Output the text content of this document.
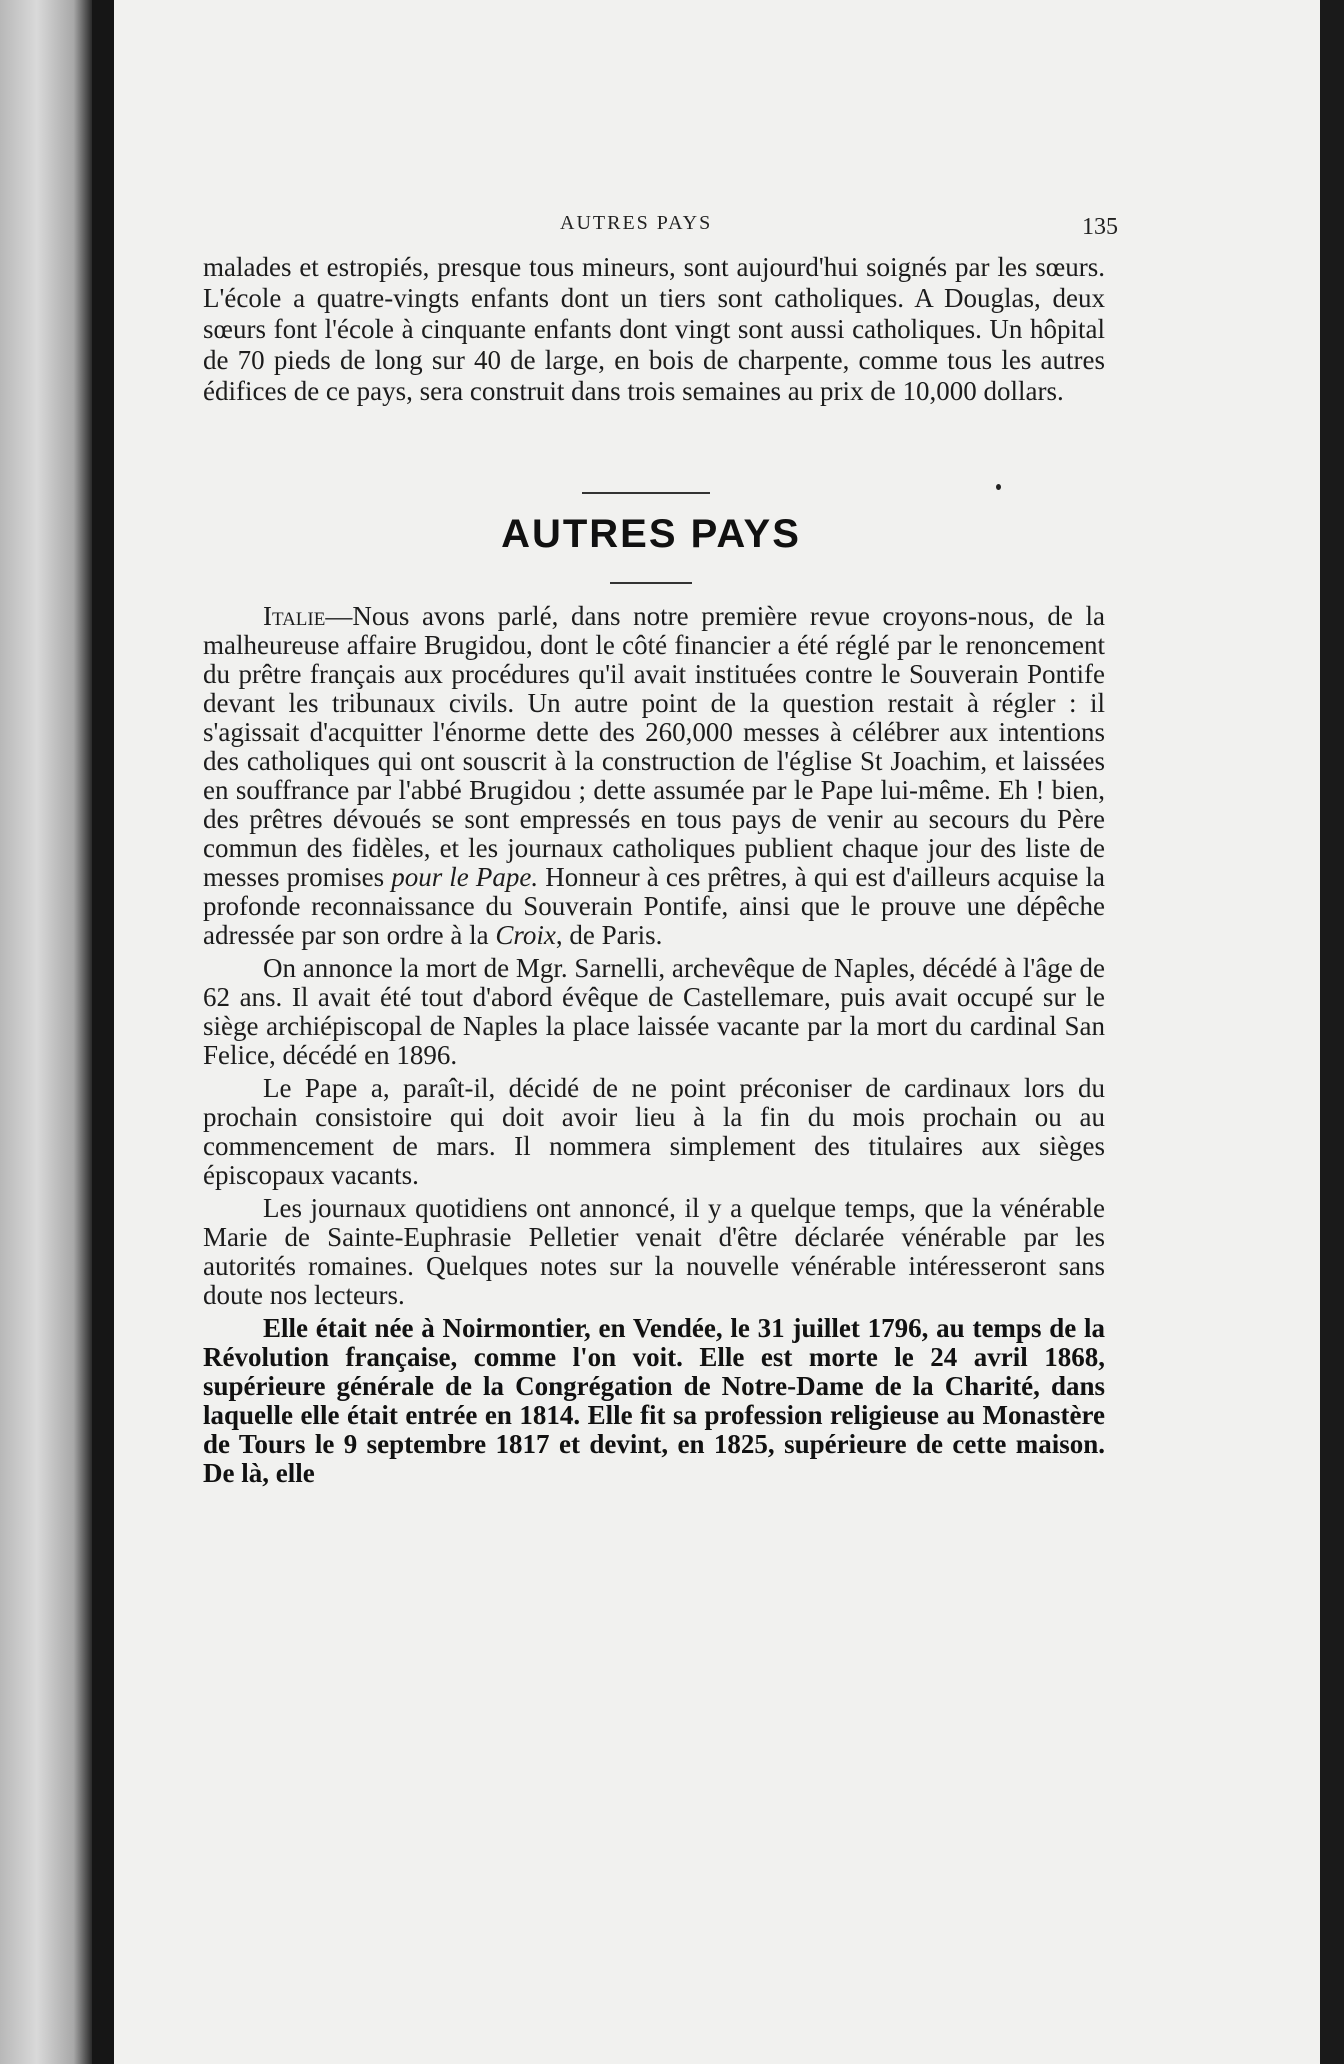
AUTRES PAYS	135

malades et estropiés, presque tous mineurs, sont aujourd'hui soignés par les sœurs. L'école a quatre-vingts enfants dont un tiers sont catholiques. A Douglas, deux sœurs font l'école à cinquante enfants dont vingt sont aussi catholiques. Un hôpital de 70 pieds de long sur 40 de large, en bois de charpente, comme tous les autres édifices de ce pays, sera construit dans trois semaines au prix de 10,000 dollars.

AUTRES PAYS

Italie—Nous avons parlé, dans notre première revue croyons-nous, de la malheureuse affaire Brugidou, dont le côté financier a été réglé par le renoncement du prêtre français aux procédures qu'il avait instituées contre le Souverain Pontife devant les tribunaux civils. Un autre point de la question restait à régler : il s'agissait d'acquitter l'énorme dette des 260,000 messes à célébrer aux intentions des catholiques qui ont souscrit à la construction de l'église St Joachim, et laissées en souffrance par l'abbé Brugidou ; dette assumée par le Pape lui-même. Eh ! bien, des prêtres dévoués se sont empressés en tous pays de venir au secours du Père commun des fidèles, et les journaux catholiques publient chaque jour des liste de messes promises pour le Pape. Honneur à ces prêtres, à qui est d'ailleurs acquise la profonde reconnaissance du Souverain Pontife, ainsi que le prouve une dépêche adressée par son ordre à la Croix, de Paris.

On annonce la mort de Mgr. Sarnelli, archevêque de Naples, décédé à l'âge de 62 ans. Il avait été tout d'abord évêque de Castellemare, puis avait occupé sur le siège archiépiscopal de Naples la place laissée vacante par la mort du cardinal San Felice, décédé en 1896.

Le Pape a, paraît-il, décidé de ne point préconiser de cardinaux lors du prochain consistoire qui doit avoir lieu à la fin du mois prochain ou au commencement de mars. Il nommera simplement des titulaires aux sièges épiscopaux vacants.

Les journaux quotidiens ont annoncé, il y a quelque temps, que la vénérable Marie de Sainte-Euphrasie Pelletier venait d'être déclarée vénérable par les autorités romaines. Quelques notes sur la nouvelle vénérable intéresseront sans doute nos lecteurs.

Elle était née à Noirmontier, en Vendée, le 31 juillet 1796, au temps de la Révolution française, comme l'on voit. Elle est morte le 24 avril 1868, supérieure générale de la Congrégation de Notre-Dame de la Charité, dans laquelle elle était entrée en 1814. Elle fit sa profession religieuse au Monastère de Tours le 9 septembre 1817 et devint, en 1825, supérieure de cette maison. De là, elle
